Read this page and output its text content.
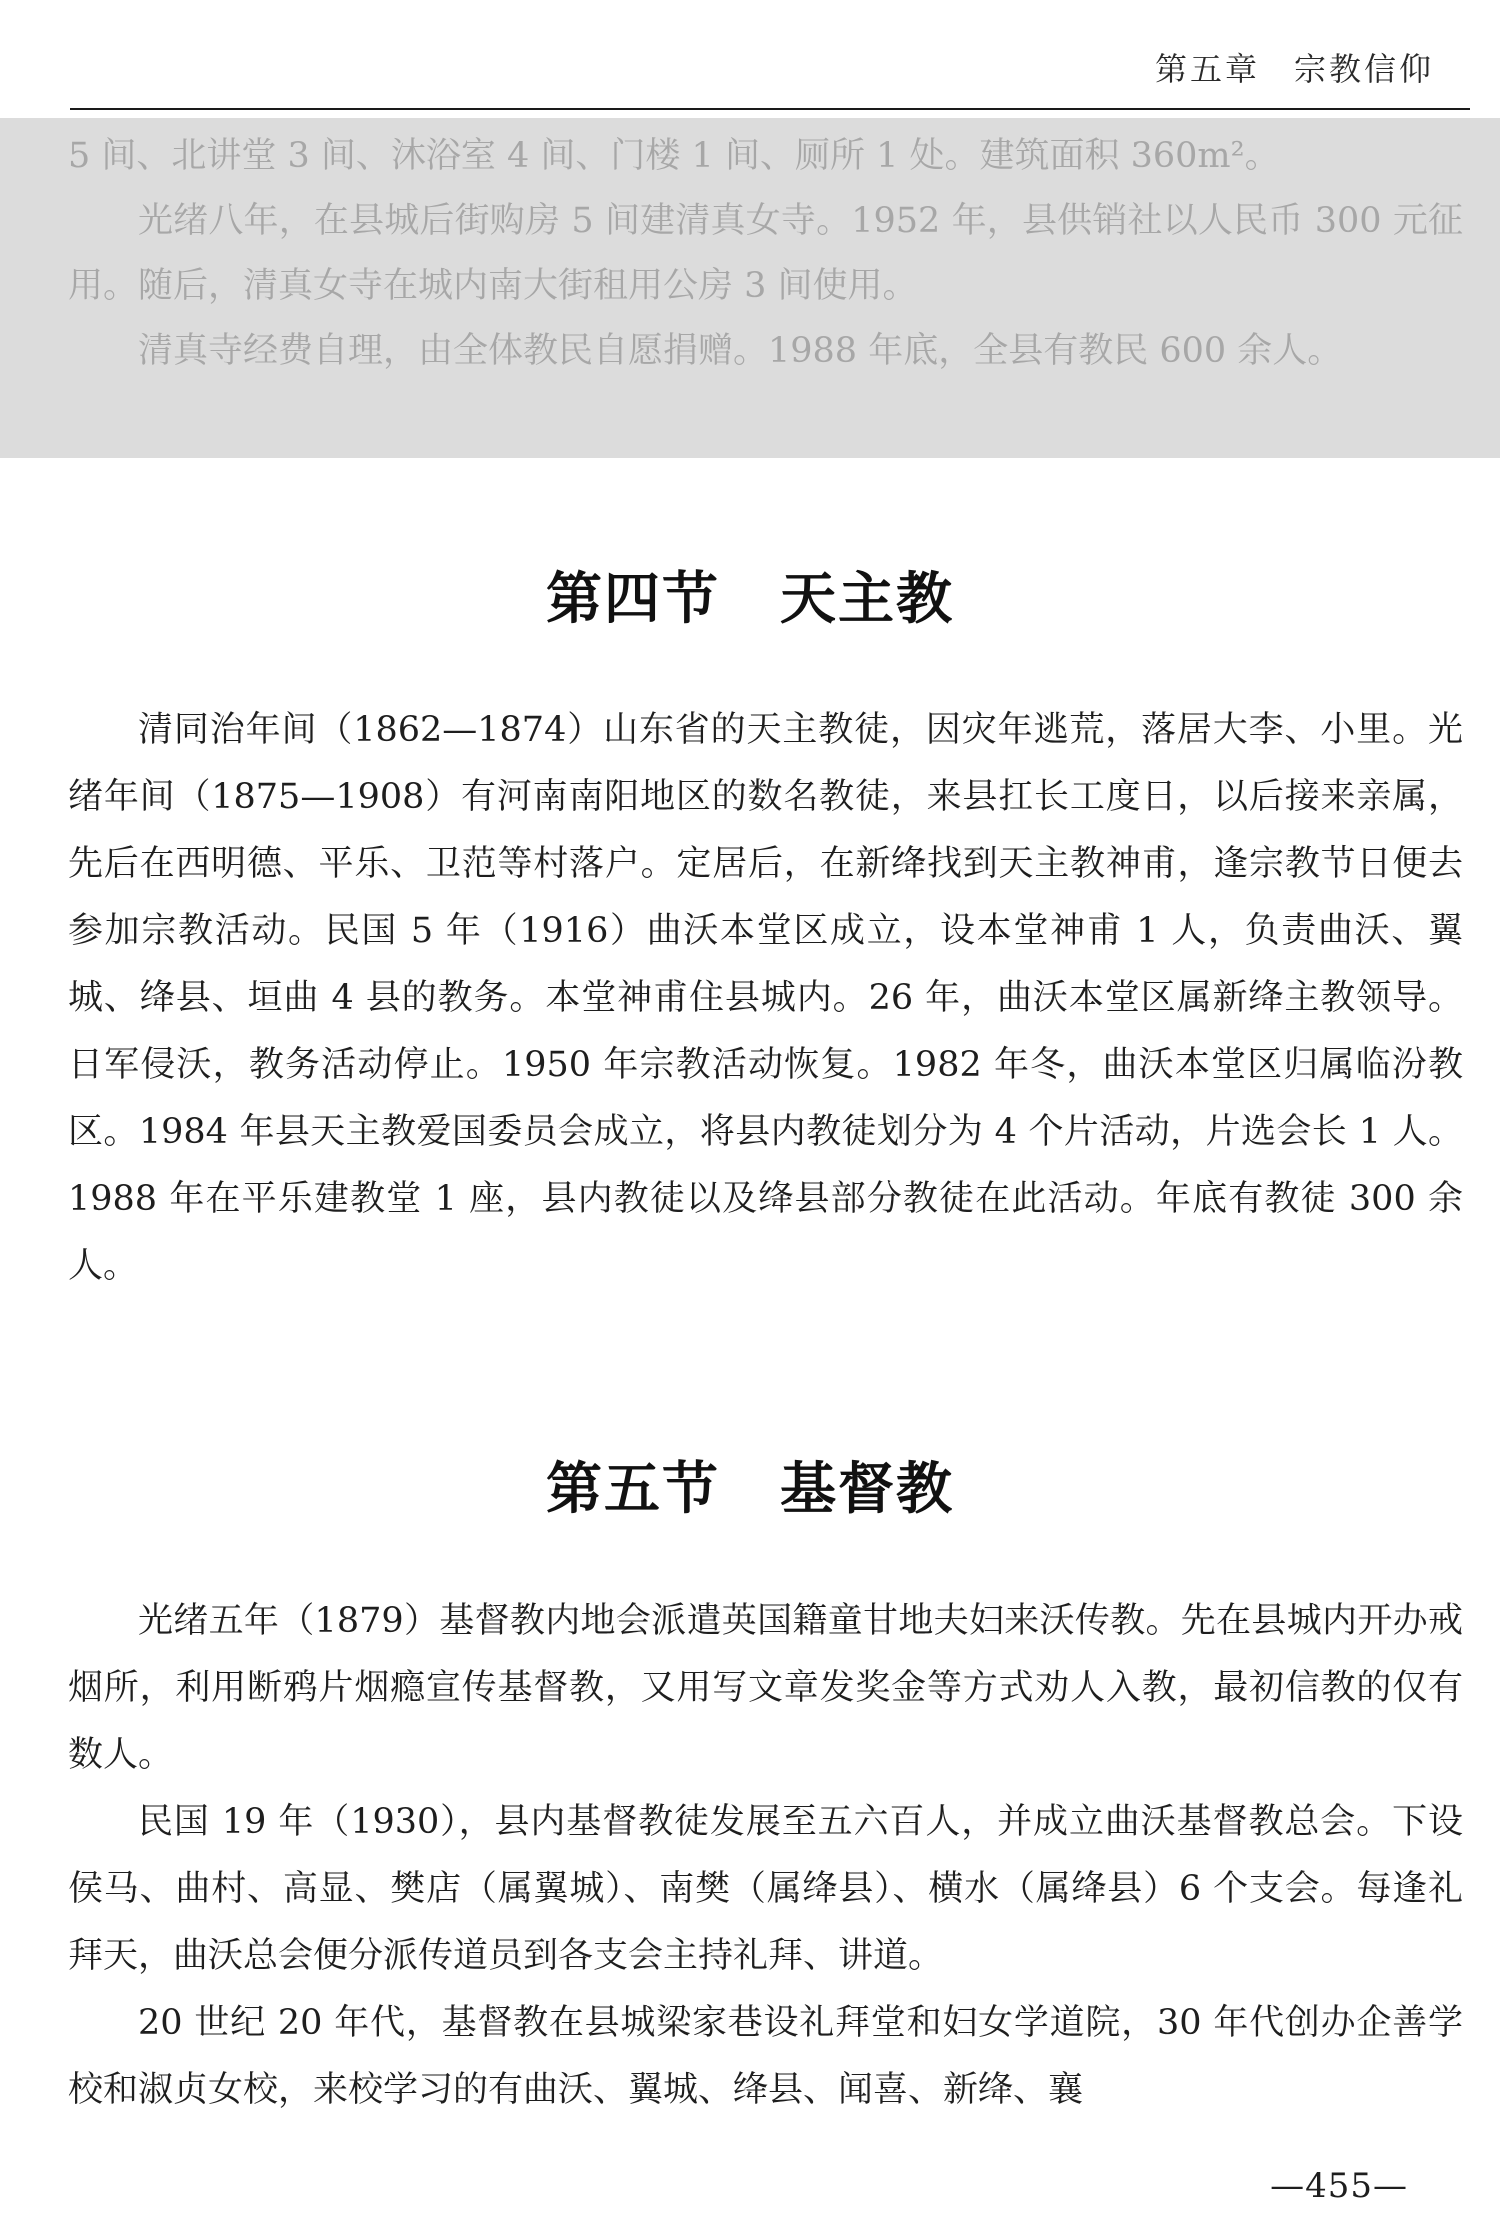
第五章 宗教信仰

5 间、北讲堂 3 间、沐浴室 4 间、门楼 1 间、厕所 1 处。建筑面积 360m²。

光绪八年，在县城后街购房 5 间建清真女寺。1952 年，县供销社以人民币 300 元征用。随后，清真女寺在城内南大街租用公房 3 间使用。

清真寺经费自理，由全体教民自愿捐赠。1988 年底，全县有教民 600 余人。

第四节 天主教

清同治年间（1862—1874）山东省的天主教徒，因灾年逃荒，落居大李、小里。光绪年间（1875—1908）有河南南阳地区的数名教徒，来县扛长工度日，以后接来亲属，先后在西明德、平乐、卫范等村落户。定居后，在新绛找到天主教神甫，逢宗教节日便去参加宗教活动。民国 5 年（1916）曲沃本堂区成立，设本堂神甫 1 人，负责曲沃、翼城、绛县、垣曲 4 县的教务。本堂神甫住县城内。26 年，曲沃本堂区属新绛主教领导。日军侵沃，教务活动停止。1950 年宗教活动恢复。1982 年冬，曲沃本堂区归属临汾教区。1984 年县天主教爱国委员会成立，将县内教徒划分为 4 个片活动，片选会长 1 人。1988 年在平乐建教堂 1 座，县内教徒以及绛县部分教徒在此活动。年底有教徒 300 余人。

第五节 基督教

光绪五年（1879）基督教内地会派遣英国籍童甘地夫妇来沃传教。先在县城内开办戒烟所，利用断鸦片烟瘾宣传基督教，又用写文章发奖金等方式劝人入教，最初信教的仅有数人。

民国 19 年（1930），县内基督教徒发展至五六百人，并成立曲沃基督教总会。下设侯马、曲村、高显、樊店（属翼城）、南樊（属绛县）、横水（属绛县）6 个支会。每逢礼拜天，曲沃总会便分派传道员到各支会主持礼拜、讲道。

20 世纪 20 年代，基督教在县城梁家巷设礼拜堂和妇女学道院，30 年代创办企善学校和淑贞女校，来校学习的有曲沃、翼城、绛县、闻喜、新绛、襄

—455—
